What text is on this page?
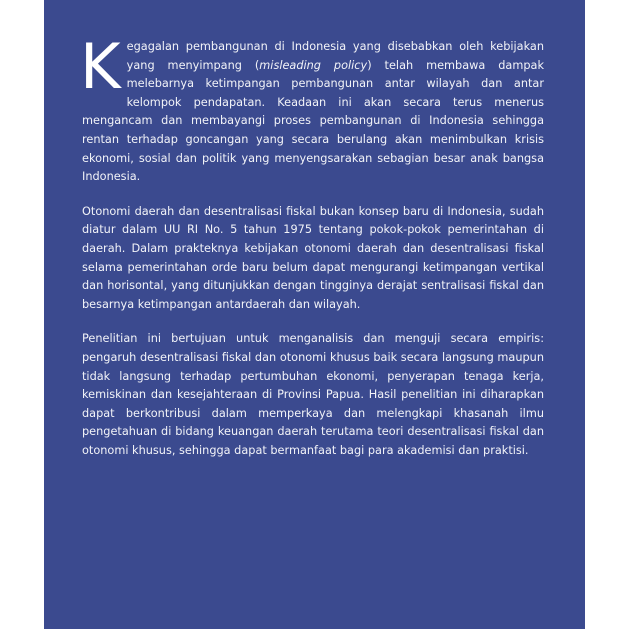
Kegagalan pembangunan di Indonesia yang disebabkan oleh kebijakan yang menyimpang (misleading policy) telah membawa dampak melebarnya ketimpangan pembangunan antar wilayah dan antar kelompok pendapatan. Keadaan ini akan secara terus menerus mengancam dan membayangi proses pembangunan di Indonesia sehingga rentan terhadap goncangan yang secara berulang akan menimbulkan krisis ekonomi, sosial dan politik yang menyengsarakan sebagian besar anak bangsa Indonesia.

Otonomi daerah dan desentralisasi fiskal bukan konsep baru di Indonesia, sudah diatur dalam UU RI No. 5 tahun 1975 tentang pokok-pokok pemerintahan di daerah. Dalam prakteknya kebijakan otonomi daerah dan desentralisasi fiskal selama pemerintahan orde baru belum dapat mengurangi ketimpangan vertikal dan horisontal, yang ditunjukkan dengan tingginya derajat sentralisasi fiskal dan besarnya ketimpangan antardaerah dan wilayah.

Penelitian ini bertujuan untuk menganalisis dan menguji secara empiris: pengaruh desentralisasi fiskal dan otonomi khusus baik secara langsung maupun tidak langsung terhadap pertumbuhan ekonomi, penyerapan tenaga kerja, kemiskinan dan kesejahteraan di Provinsi Papua. Hasil penelitian ini diharapkan dapat berkontribusi dalam memperkaya dan melengkapi khasanah ilmu pengetahuan di bidang keuangan daerah terutama teori desentralisasi fiskal dan otonomi khusus, sehingga dapat bermanfaat bagi para akademisi dan praktisi.
